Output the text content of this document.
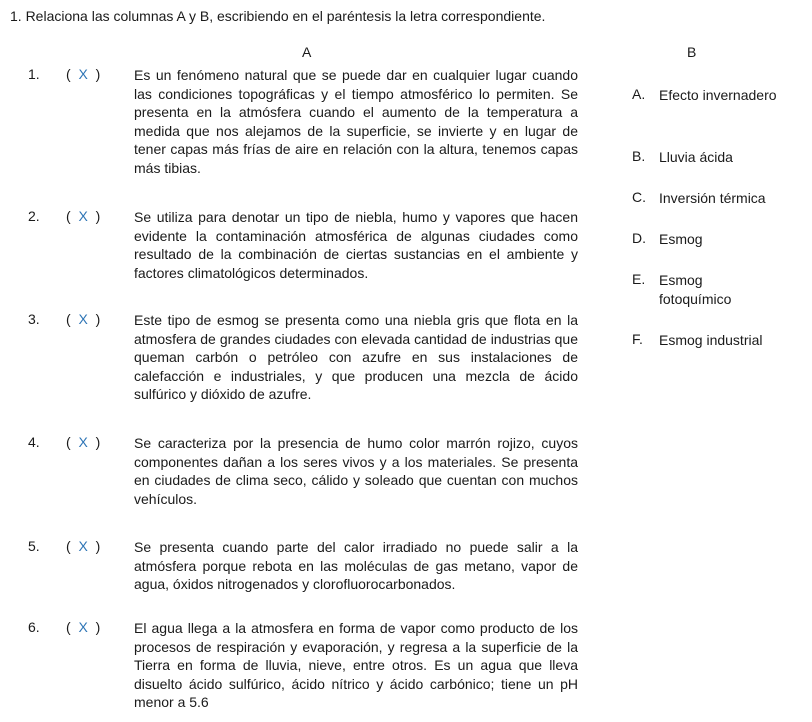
1. Relaciona las columnas A y B, escribiendo en el paréntesis la letra correspondiente.
A	B
1. (  X  ) Es un fenómeno natural que se puede dar en cualquier lugar cuando las condiciones topográficas y el tiempo atmosférico lo permiten. Se presenta en la atmósfera cuando el aumento de la temperatura a medida que nos alejamos de la superficie, se invierte y en lugar de tener capas más frías de aire en relación con la altura, tenemos capas más tibias.
2. (  X  ) Se utiliza para denotar un tipo de niebla, humo y vapores que hacen evidente la contaminación atmosférica de algunas ciudades como resultado de la combinación de ciertas sustancias en el ambiente y factores climatológicos determinados.
3. (  X  ) Este tipo de esmog se presenta como una niebla gris que flota en la atmosfera de grandes ciudades con elevada cantidad de industrias que queman carbón o petróleo con azufre en sus instalaciones de calefacción e industriales, y que producen una mezcla de ácido sulfúrico y dióxido de azufre.
4. (  X  ) Se caracteriza por la presencia de humo color marrón rojizo, cuyos componentes dañan a los seres vivos y a los materiales. Se presenta en ciudades de clima seco, cálido y soleado que cuentan con muchos vehículos.
5. (  X  ) Se presenta cuando parte del calor irradiado no puede salir a la atmósfera porque rebota en las moléculas de gas metano, vapor de agua, óxidos nitrogenados y clorofluorocarbonados.
6. (  X  ) El agua llega a la atmosfera en forma de vapor como producto de los procesos de respiración y evaporación, y regresa a la superficie de la Tierra en forma de lluvia, nieve, entre otros. Es un agua que lleva disuelto ácido sulfúrico, ácido nítrico y ácido carbónico; tiene un pH menor a 5.6
A. Efecto invernadero
B. Lluvia ácida
C. Inversión térmica
D. Esmog
E. Esmog fotoquímico
F. Esmog industrial
